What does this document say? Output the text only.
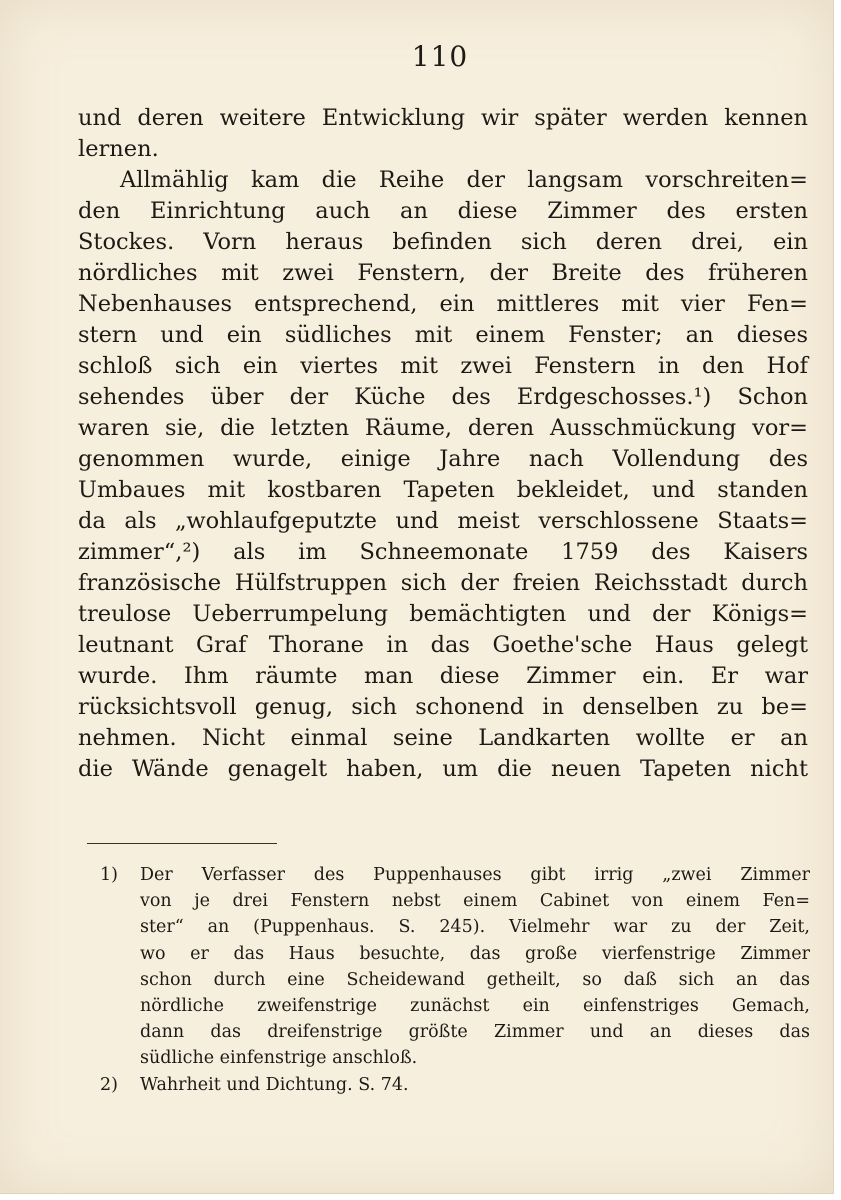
110
und deren weitere Entwicklung wir später werden kennen
lernen.
Allmählig kam die Reihe der langsam vorschreiten=
den Einrichtung auch an diese Zimmer des ersten
Stockes. Vorn heraus befinden sich deren drei, ein
nördliches mit zwei Fenstern, der Breite des früheren
Nebenhauses entsprechend, ein mittleres mit vier Fen=
stern und ein südliches mit einem Fenster; an dieses
schloß sich ein viertes mit zwei Fenstern in den Hof
sehendes über der Küche des Erdgeschosses.¹) Schon
waren sie, die letzten Räume, deren Ausschmückung vor=
genommen wurde, einige Jahre nach Vollendung des
Umbaues mit kostbaren Tapeten bekleidet, und standen
da als „wohlaufgeputzte und meist verschlossene Staats=
zimmer“,²) als im Schneemonate 1759 des Kaisers
französische Hülfstruppen sich der freien Reichsstadt durch
treulose Ueberrumpelung bemächtigten und der Königs=
leutnant Graf Thorane in das Goethe'sche Haus gelegt
wurde. Ihm räumte man diese Zimmer ein. Er war
rücksichtsvoll genug, sich schonend in denselben zu be=
nehmen. Nicht einmal seine Landkarten wollte er an
die Wände genagelt haben, um die neuen Tapeten nicht
1) Der Verfasser des Puppenhauses gibt irrig „zwei Zimmer
von je drei Fenstern nebst einem Cabinet von einem Fen=
ster“ an (Puppenhaus. S. 245). Vielmehr war zu der Zeit,
wo er das Haus besuchte, das große vierfenstrige Zimmer
schon durch eine Scheidewand getheilt, so daß sich an das
nördliche zweifenstrige zunächst ein einfenstriges Gemach,
dann das dreifenstrige größte Zimmer und an dieses das
südliche einfenstrige anschloß.
2) Wahrheit und Dichtung. S. 74.
